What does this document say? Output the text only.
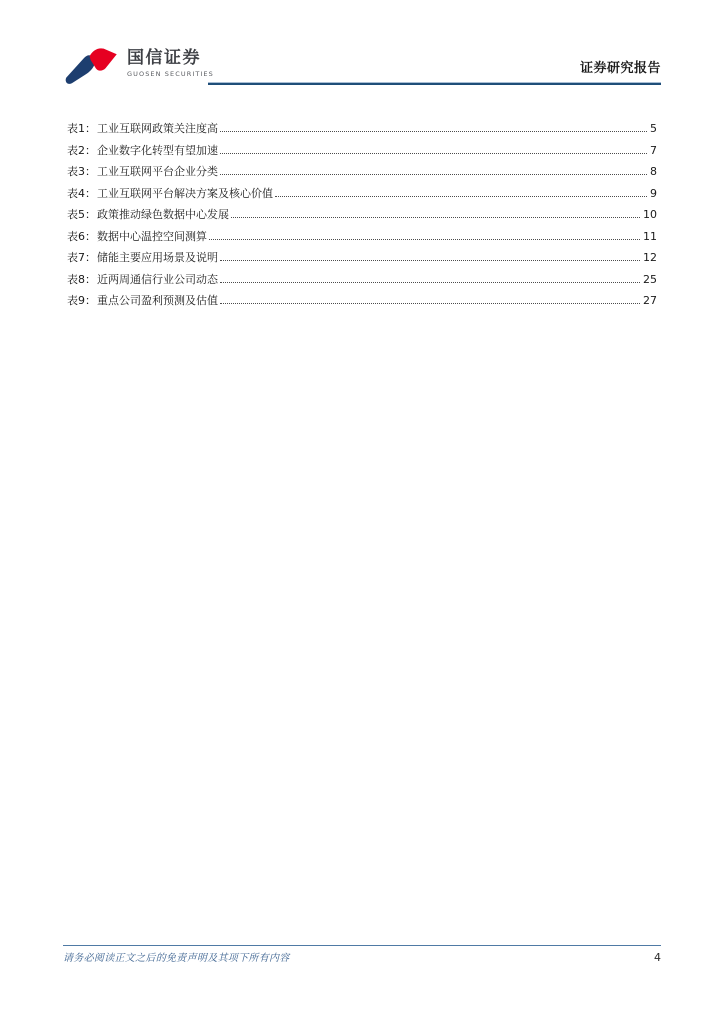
国信证券
GUOSEN SECURITIES	证券研究报告
表1： 工业互联网政策关注度高	5
表2： 企业数字化转型有望加速	7
表3： 工业互联网平台企业分类	8
表4： 工业互联网平台解决方案及核心价值	9
表5： 政策推动绿色数据中心发展	10
表6： 数据中心温控空间测算	11
表7： 储能主要应用场景及说明	12
表8： 近两周通信行业公司动态	25
表9： 重点公司盈利预测及估值	27
请务必阅读正文之后的免责声明及其项下所有内容	4
